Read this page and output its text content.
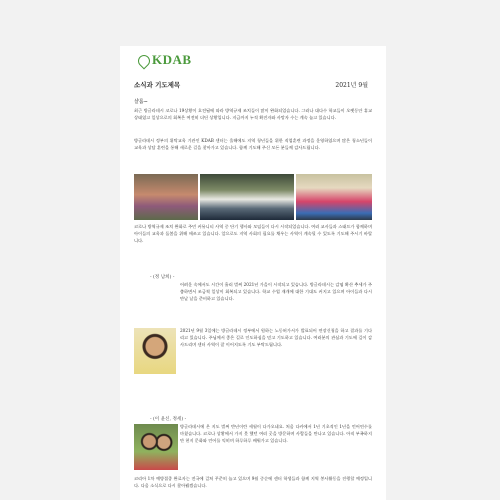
KDAB
소식과 기도제목	2021년 9월
샬롬~
최근 방글라데시 코로나 19상황이 호전됨에 따라 방역규제 조치들이 많이 완화되었습니다. 그러나 대다수 학교들이 오랫동안 휴교 상태였고 일상으로의 회복은 여전히 더딘 상황입니다. 지금까지 누적 확진자와 사망자 수는 계속 늘고 있습니다.
방글라데시 정부의 위탁교육 기관인 KDAB 센터는 올해에도 지역 청년들을 위한 직업훈련 과정을 운영하였으며 많은 청소년들이 교육과 상담 훈련을 통해 새로운 길을 찾아가고 있습니다. 함께 기도해 주신 모든 분들께 감사드립니다.
코로나 방역규제 조치 완화로 주민 커뮤니티 사역 중 단기 행사와 모임들이 다시 시작되었습니다. 여러 교사들과 스태프가 함께하며 아이들의 교육과 돌봄을 위해 애쓰고 있습니다. 앞으로도 지역 사회의 필요를 채우는 사역이 계속될 수 있도록 기도해 주시기 바랍니다.
- (정 남희) -
어려운 속에서도 시간이 흘러 벌써 2021년 가을이 시작되고 있습니다. 방글라데시는 감염 확산 추세가 주춤하면서 조금씩 일상이 회복되고 있습니다. 학교 수업 재개에 대한 기대도 커지고 있으며 아이들과 다시 만날 날을 준비하고 있습니다.
2021년 9월 3일에는 방글라데시 정부에서 원하는 노동허가서가 발표되어 연장신청을 하고 결과를 기다리고 있습니다. 주님께서 좋은 길로 인도하심을 믿고 기도하고 있습니다. 여러분의 관심과 기도에 깊이 감사드리며 센터 사역이 잘 이어지도록 기도 부탁드립니다.
- (이 윤신, 정세) -
방글라데시에 온 지도 벌써 반년이란 세월이 다가오네요. 처음 다카에서 1년 기초적인 1년을 언어연수를 마쳤습니다. 코로나 상황에서 가지 못 했던 여러 곳을 방문하며 사람들을 만나고 있습니다. 아직 부족하지만 현지 문화와 언어를 익히며 하루하루 배워가고 있습니다.
코리아 1차 예방접종 완료자는 전국에 걸쳐 꾸준히 늘고 있으며 9월 중순에 센터 학생들과 함께 지역 봉사활동을 진행할 예정입니다. 다음 소식으로 다시 찾아뵙겠습니다.
